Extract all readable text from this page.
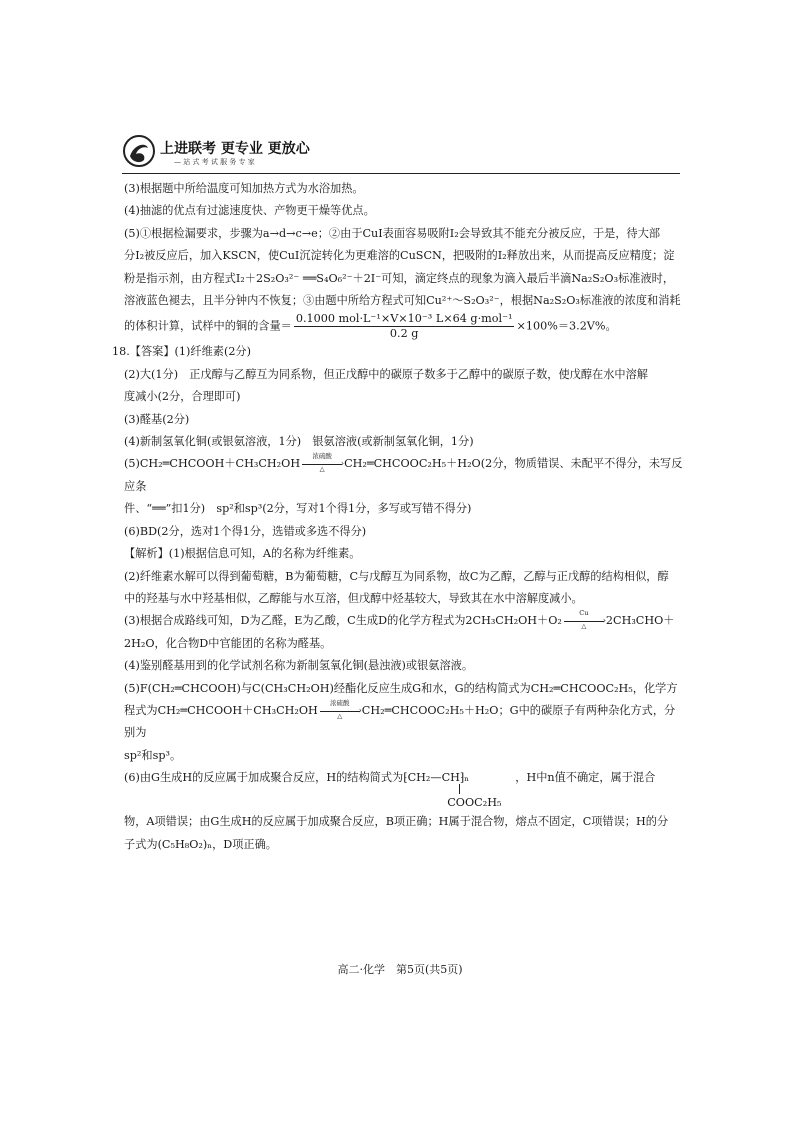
上进联考 更专业 更放心
— 站 式 考 试 服 务 专 家

(3)根据题中所给温度可知加热方式为水浴加热。

(4)抽滤的优点有过滤速度快、产物更干燥等优点。

(5)①根据检漏要求，步骤为a→d→c→e；②由于CuI表面容易吸附I₂会导致其不能充分被反应，于是，待大部

分I₂被反应后，加入KSCN，使CuI沉淀转化为更难溶的CuSCN，把吸附的I₂释放出来，从而提高反应精度；淀

粉是指示剂，由方程式I₂＋2S₂O₃²⁻ ══S₄O₆²⁻＋2I⁻可知，滴定终点的现象为滴入最后半滴Na₂S₂O₃标准液时，

溶液蓝色褪去，且半分钟内不恢复；③由题中所给方程式可知Cu²⁺～S₂O₃²⁻，根据Na₂S₂O₃标准液的浓度和消耗

的体积计算，试样中的铜的含量＝ $\frac{\text{0.1000 mol·L⁻¹×V×10⁻³ L×64 g·mol⁻¹}}{0.2 g} \times 100\%=3.2V\%$。

18.【答案】(1)纤维素(2分)

(2)大(1分)　正戊醇与乙醇互为同系物，但正戊醇中的碳原子数多于乙醇中的碳原子数，使戊醇在水中溶解

度减小(2分，合理即可)

(3)醛基(2分)

(4)新制氢氧化铜(或银氨溶液，1分)　银氨溶液(或新制氢氧化铜，1分)

(5)CH₂═CHCOOH＋CH₃CH₂OH
浓硫酸
›
△	CH₂═CHCOOC₂H₅＋H₂O(2分，物质错误、未配平不得分，未写反应条

件、“══”扣1分)　sp²和sp³(2分，写对1个得1分，多写或写错不得分)

(6)BD(2分，选对1个得1分，选错或多选不得分)

【解析】(1)根据信息可知，A的名称为纤维素。

(2)纤维素水解可以得到葡萄糖，B为葡萄糖，C与戊醇互为同系物，故C为乙醇，乙醇与正戊醇的结构相似，醇

中的羟基与水中羟基相似，乙醇能与水互溶，但戊醇中烃基较大，导致其在水中溶解度减小。

(3)根据合成路线可知，D为乙醛，E为乙酸，C生成D的化学方程式为2CH₃CH₂OH＋O₂
Cu
›
△	2CH₃CHO＋

2H₂O，化合物D中官能团的名称为醛基。

(4)鉴别醛基用到的化学试剂名称为新制氢氧化铜(悬浊液)或银氨溶液。

(5)F(CH₂═CHCOOH)与C(CH₃CH₂OH)经酯化反应生成G和水，G的结构简式为CH₂═CHCOOC₂H₅，化学方

程式为CH₂═CHCOOH＋CH₃CH₂OH
浓硫酸
›
△	CH₂═CHCOOC₂H₅＋H₂O；G中的碳原子有两种杂化方式，分别为

sp²和sp³。

(6)由G生成H的反应属于加成聚合反应，H的结构简式为 ⁅CH₂—CH⁆ₙ
COOC₂H₅
，H中n值不确定，属于混合

物，A项错误；由G生成H的反应属于加成聚合反应，B项正确；H属于混合物，熔点不固定，C项错误；H的分

子式为(C₅H₈O₂)ₙ，D项正确。

高二·化学　第5页(共5页)
